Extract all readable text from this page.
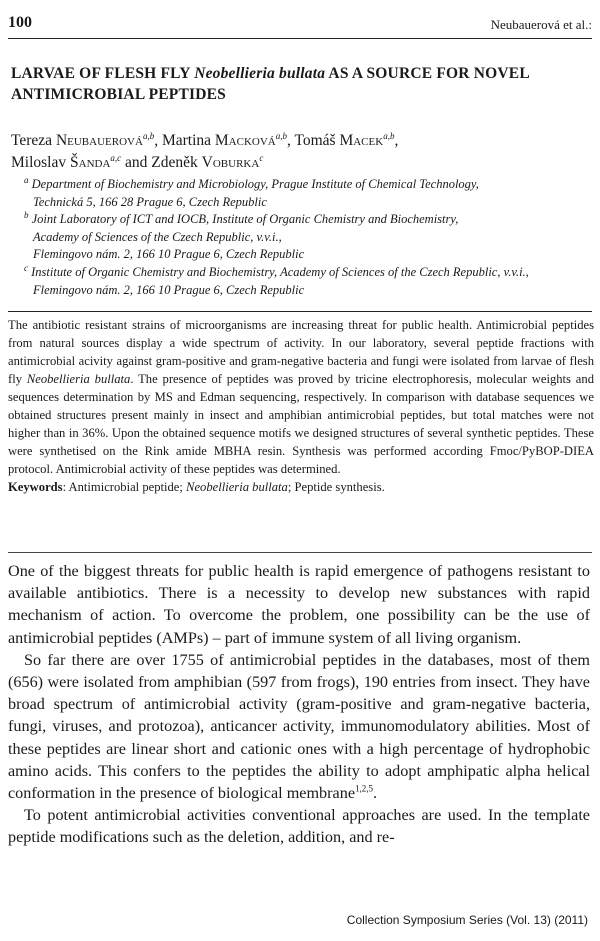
100	Neubauerová et al.:
LARVAE OF FLESH FLY Neobellieria bullata AS A SOURCE FOR NOVEL ANTIMICROBIAL PEPTIDES
Tereza Neubauerová$^{a,b}$, Martina Macková$^{a,b}$, Tomáš Macek$^{a,b}$,
Miloslav Šanda$^{a,c}$ and Zdeněk Voburka$^c$

$^a$ Department of Biochemistry and Microbiology, Prague Institute of Chemical Technology,
Technická 5, 166 28 Prague 6, Czech Republic

$^b$ Joint Laboratory of ICT and IOCB, Institute of Organic Chemistry and Biochemistry,
Academy of Sciences of the Czech Republic, v.v.i.,
Flemingovo nám. 2, 166 10 Prague 6, Czech Republic

$^c$ Institute of Organic Chemistry and Biochemistry, Academy of Sciences of the Czech Republic, v.v.i.,
Flemingovo nám. 2, 166 10 Prague 6, Czech Republic

The antibiotic resistant strains of microorganisms are increasing threat for public health. Antimicrobial peptides from natural sources display a wide spectrum of activity. In our laboratory, several peptide fractions with antimicrobial acivity against gram-positive and gram-negative bacteria and fungi were isolated from larvae of flesh fly Neobellieria bullata. The presence of peptides was proved by tricine electrophoresis, molecular weights and sequences determination by MS and Edman sequencing, respectively. In comparison with database sequences we obtained structures present mainly in insect and amphibian antimicrobial peptides, but total matches were not higher than in 36%. Upon the obtained sequence motifs we designed structures of several synthetic peptides. These were synthetised on the Rink amide MBHA resin. Synthesis was performed according Fmoc/PyBOP-DIEA protocol. Antimicrobial activity of these peptides was determined.

Keywords: Antimicrobial peptide; Neobellieria bullata; Peptide synthesis.

One of the biggest threats for public health is rapid emergence of pathogens resistant to available antibiotics. There is a necessity to develop new substances with rapid mechanism of action. To overcome the problem, one possibility can be the use of antimicrobial peptides (AMPs) – part of immune system of all living organism.

So far there are over 1755 of antimicrobial peptides in the databases, most of them (656) were isolated from amphibian (597 from frogs), 190 entries from insect. They have broad spectrum of antimicrobial activity (gram-positive and gram-negative bacteria, fungi, viruses, and protozoa), anticancer activity, immunomodulatory abilities. Most of these peptides are linear short and cationic ones with a high percentage of hydrophobic amino acids. This confers to the peptides the ability to adopt amphipatic alpha helical conformation in the presence of biological membrane$^{1,2,5}$.

To potent antimicrobial activities conventional approaches are used. In the template peptide modifications such as the deletion, addition, and re-

Collection Symposium Series (Vol. 13) (2011)
